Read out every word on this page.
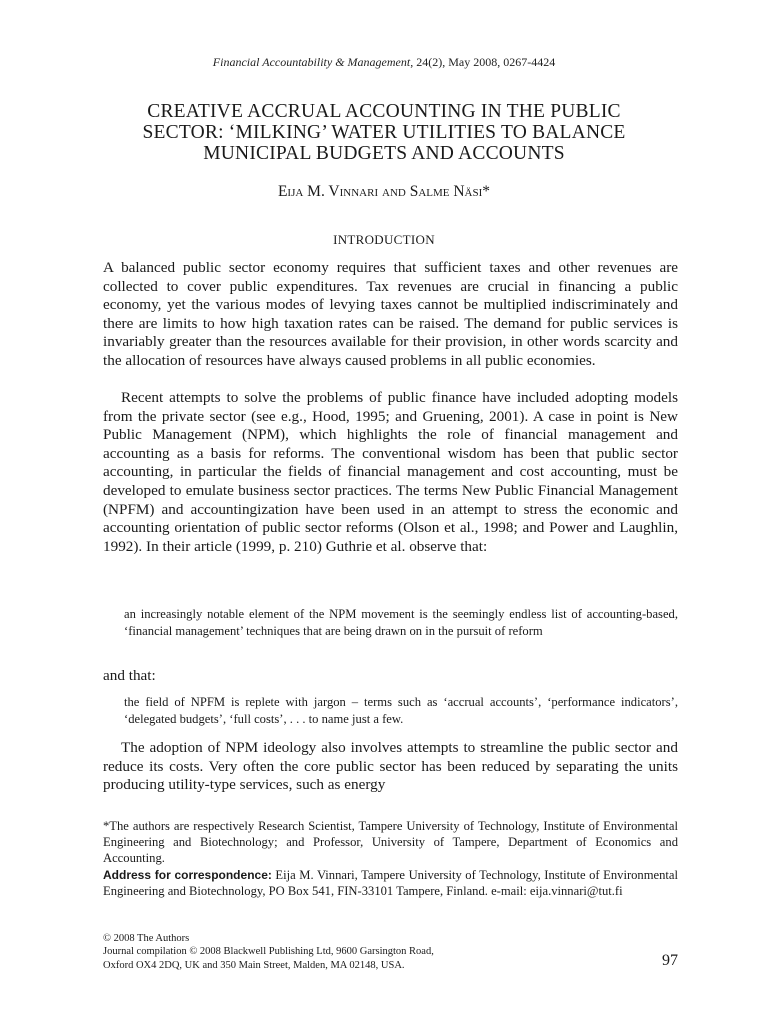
Financial Accountability & Management, 24(2), May 2008, 0267-4424
CREATIVE ACCRUAL ACCOUNTING IN THE PUBLIC
SECTOR: ‘MILKING’ WATER UTILITIES TO BALANCE
MUNICIPAL BUDGETS AND ACCOUNTS
Eija M. Vinnari and Salme Näsi*
INTRODUCTION

A balanced public sector economy requires that sufficient taxes and other revenues are collected to cover public expenditures. Tax revenues are crucial in financing a public economy, yet the various modes of levying taxes cannot be multiplied indiscriminately and there are limits to how high taxation rates can be raised. The demand for public services is invariably greater than the resources available for their provision, in other words scarcity and the allocation of resources have always caused problems in all public economies.

Recent attempts to solve the problems of public finance have included adopting models from the private sector (see e.g., Hood, 1995; and Gruening, 2001). A case in point is New Public Management (NPM), which highlights the role of financial management and accounting as a basis for reforms. The conventional wisdom has been that public sector accounting, in particular the fields of financial management and cost accounting, must be developed to emulate business sector practices. The terms New Public Financial Management (NPFM) and accountingization have been used in an attempt to stress the economic and accounting orientation of public sector reforms (Olson et al., 1998; and Power and Laughlin, 1992). In their article (1999, p. 210) Guthrie et al. observe that:

an increasingly notable element of the NPM movement is the seemingly endless list of accounting-based, ‘financial management’ techniques that are being drawn on in the pursuit of reform

and that:

the field of NPFM is replete with jargon – terms such as ‘accrual accounts’, ‘performance indicators’, ‘delegated budgets’, ‘full costs’, . . . to name just a few.

The adoption of NPM ideology also involves attempts to streamline the public sector and reduce its costs. Very often the core public sector has been reduced by separating the units producing utility-type services, such as energy

*The authors are respectively Research Scientist, Tampere University of Technology, Institute of Environmental Engineering and Biotechnology; and Professor, University of Tampere, Department of Economics and Accounting.

Address for correspondence: Eija M. Vinnari, Tampere University of Technology, Institute of Environmental Engineering and Biotechnology, PO Box 541, FIN-33101 Tampere, Finland. e-mail: eija.vinnari@tut.fi

© 2008 The Authors
Journal compilation © 2008 Blackwell Publishing Ltd, 9600 Garsington Road,
Oxford OX4 2DQ, UK and 350 Main Street, Malden, MA 02148, USA.	97
